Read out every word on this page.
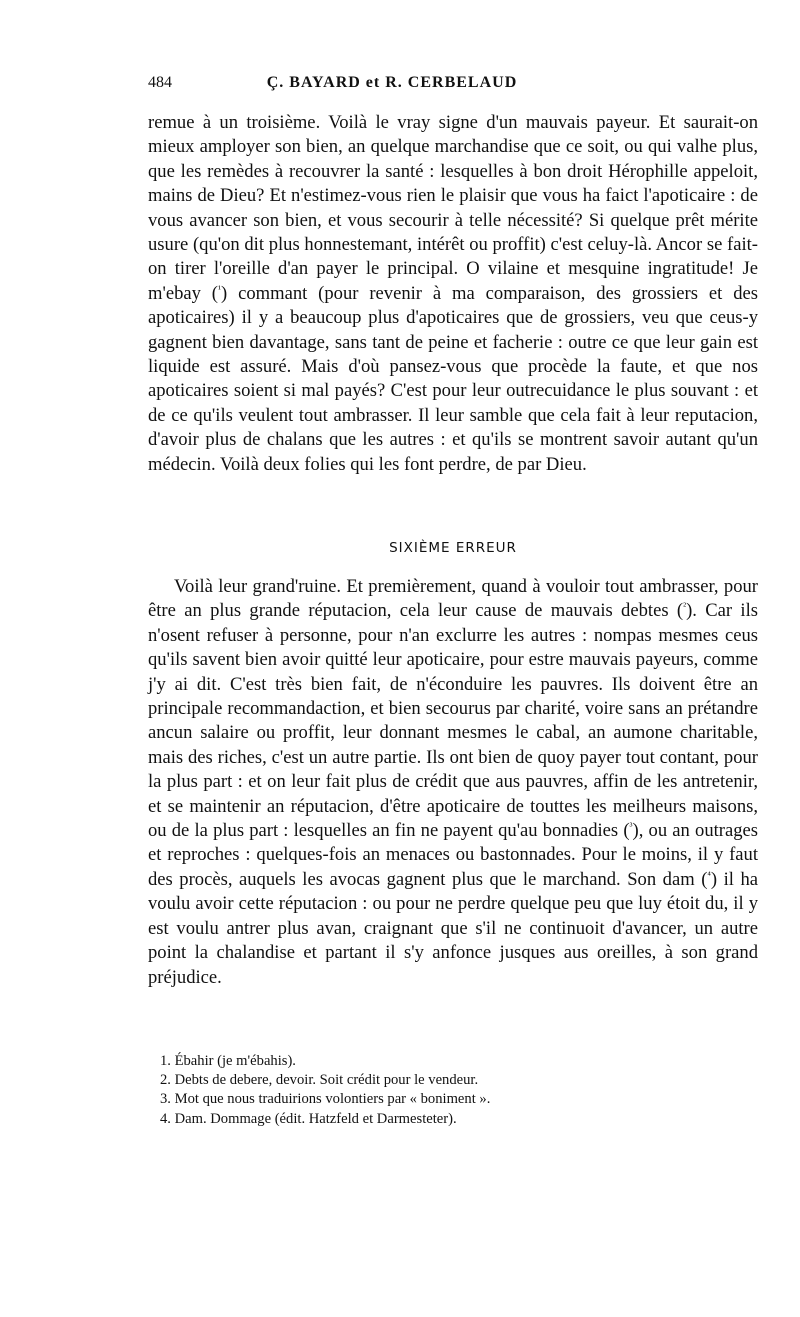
484	Ç. BAYARD et R. CERBELAUD

remue à un troisième. Voilà le vray signe d'un mauvais payeur. Et saurait-on mieux amployer son bien, an quelque marchandise que ce soit, ou qui valhe plus, que les remèdes à recouvrer la santé : lesquelles à bon droit Hérophille appeloit, mains de Dieu? Et n'estimez-vous rien le plaisir que vous ha faict l'apoticaire : de vous avancer son bien, et vous secourir à telle nécessité? Si quelque prêt mérite usure (qu'on dit plus honnestemant, intérêt ou proffit) c'est celuy-là. Ancor se fait-on tirer l'oreille d'an payer le principal. O vilaine et mesquine ingratitude! Je m'ebay ($^{^1}$) commant (pour revenir à ma comparaison, des grossiers et des apoticaires) il y a beaucoup plus d'apoticaires que de grossiers, veu que ceus-y gagnent bien davantage, sans tant de peine et facherie : outre ce que leur gain est liquide est assuré. Mais d'où pansez-vous que procède la faute, et que nos apoticaires soient si mal payés? C'est pour leur outrecuidance le plus souvant : et de ce qu'ils veulent tout ambrasser. Il leur samble que cela fait à leur reputacion, d'avoir plus de chalans que les autres : et qu'ils se montrent savoir autant qu'un médecin. Voilà deux folies qui les font perdre, de par Dieu.

SIXIÈME ERREUR

Voilà leur grand'ruine. Et premièrement, quand à vouloir tout ambrasser, pour être an plus grande réputacion, cela leur cause de mauvais debtes ($^{^2}$). Car ils n'osent refuser à personne, pour n'an exclurre les autres : nompas mesmes ceus qu'ils savent bien avoir quitté leur apoticaire, pour estre mauvais payeurs, comme j'y ai dit. C'est très bien fait, de n'éconduire les pauvres. Ils doivent être an principale recommandaction, et bien secourus par charité, voire sans an prétandre ancun salaire ou proffit, leur donnant mesmes le cabal, an aumone charitable, mais des riches, c'est un autre partie. Ils ont bien de quoy payer tout contant, pour la plus part : et on leur fait plus de crédit que aus pauvres, affin de les antretenir, et se maintenir an réputacion, d'être apoticaire de touttes les meilheurs maisons, ou de la plus part : lesquelles an fin ne payent qu'au bonnadies ($^{^3}$), ou an outrages et reproches : quelques-fois an menaces ou bastonnades. Pour le moins, il y faut des procès, auquels les avocas gagnent plus que le marchand. Son dam ($^{^4}$) il ha voulu avoir cette réputacion : ou pour ne perdre quelque peu que luy étoit du, il y est voulu antrer plus avan, craignant que s'il ne continuoit d'avancer, un autre point la chalandise et partant il s'y anfonce jusques aus oreilles, à son grand préjudice.

1. Ébahir (je m'ébahis).
2. Debts de debere, devoir. Soit crédit pour le vendeur.
3. Mot que nous traduirions volontiers par « boniment ».
4. Dam. Dommage (édit. Hatzfeld et Darmesteter).
